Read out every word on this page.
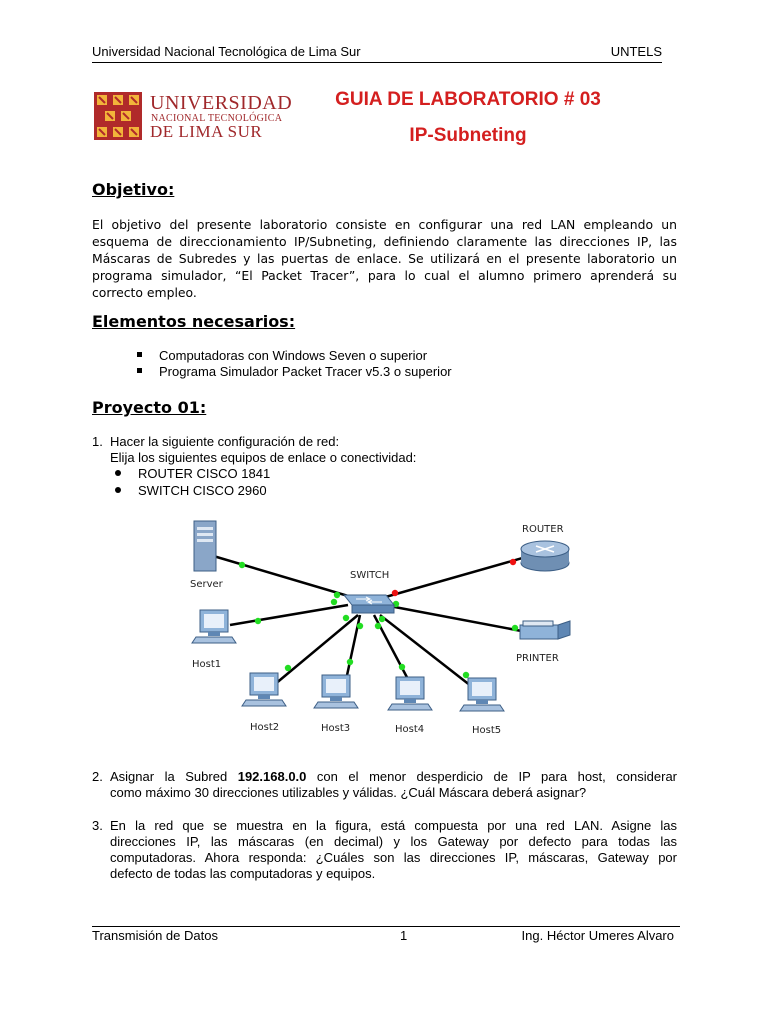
Universidad Nacional Tecnológica de Lima Sur	UNTELS
UNIVERSIDAD
NACIONAL TECNOLÓGICA
DE LIMA SUR
GUIA DE LABORATORIO # 03
IP-Subneting
Objetivo:
El objetivo del presente laboratorio consiste en configurar una red LAN empleando un
esquema de direccionamiento IP/Subneting, definiendo claramente las direcciones IP, las
Máscaras de Subredes y las puertas de enlace. Se utilizará en el presente laboratorio un
programa simulador, “El Packet Tracer”, para lo cual el alumno primero aprenderá su
correcto empleo.
Elementos necesarios:
Computadoras con Windows Seven o superior
Programa Simulador Packet Tracer v5.3 o superior
Proyecto 01:
1. Hacer la siguiente configuración de red:
Elija los siguientes equipos de enlace o conectividad:
ROUTER CISCO 1841
SWITCH CISCO 2960
Server
SWITCH
ROUTER
PRINTER
Host1
Host2	Host3	Host4	Host5
2. Asignar la Subred 192.168.0.0 con el menor desperdicio de IP para host, considerar
como máximo 30 direcciones utilizables y válidas. ¿Cuál Máscara deberá asignar?
3. En la red que se muestra en la figura, está compuesta por una red LAN. Asigne las
direcciones IP, las máscaras (en decimal) y los Gateway por defecto para todas las
computadoras. Ahora responda: ¿Cuáles son las direcciones IP, máscaras, Gateway por
defecto de todas las computadoras y equipos.
Transmisión de Datos	1	Ing. Héctor Umeres Alvaro
